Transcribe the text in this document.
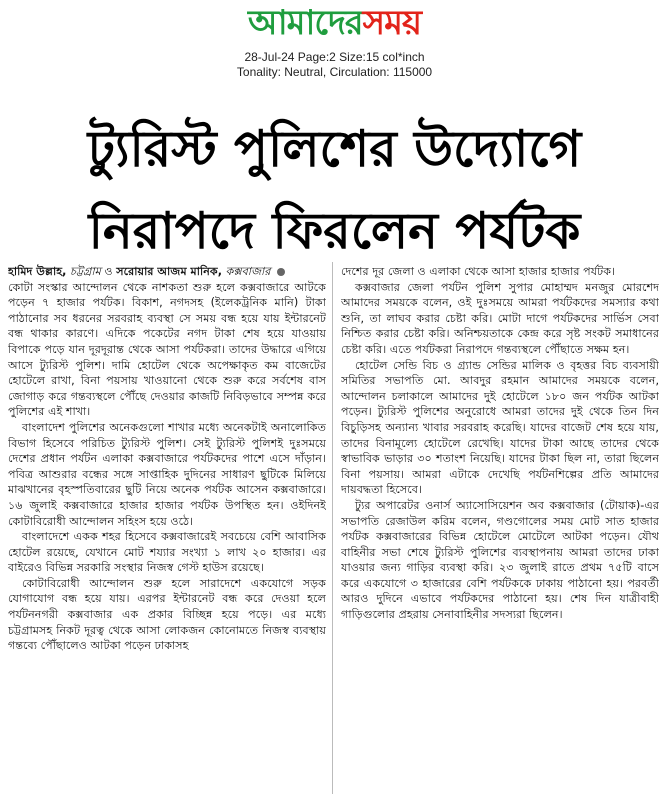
আমাদেরসময়
28-Jul-24 Page:2 Size:15 col*inch
Tonality: Neutral, Circulation: 115000
ট্যুরিস্ট পুলিশের উদ্যোগে
নিরাপদে ফিরলেন পর্যটক

হামিদ উল্লাহ, চট্টগ্রাম ও সরোয়ার আজম মানিক, কক্সবাজার

কোটা সংস্কার আন্দোলন থেকে নাশকতা শুরু হলে কক্সবাজারে আটকে পড়েন ৭ হাজার পর্যটক। বিকাশ, নগদসহ (ইলেকট্রনিক মানি) টাকা পাঠানোর সব ধরনের সরবরাহ ব্যবস্থা সে সময় বন্ধ হয়ে যায় ইন্টারনেট বন্ধ থাকার কারণে। এদিকে পকেটের নগদ টাকা শেষ হয়ে যাওয়ায় বিপাকে পড়ে যান দূরদূরান্ত থেকে আসা পর্যটকরা। তাদের উদ্ধারে এগিয়ে আসে ট্যুরিস্ট পুলিশ। দামি হোটেল থেকে অপেক্ষাকৃত কম বাজেটের হোটেলে রাখা, বিনা পয়সায় খাওয়ানো থেকে শুরু করে সর্বশেষ বাস জোগাড় করে গন্তব্যস্থলে পৌঁছে দেওয়ার কাজটি নিবিড়ভাবে সম্পন্ন করে পুলিশের এই শাখা।

বাংলাদেশ পুলিশের অনেকগুলো শাখার মধ্যে অনেকটাই অনালোকিত বিভাগ হিসেবে পরিচিত ট্যুরিস্ট পুলিশ। সেই ট্যুরিস্ট পুলিশই দুঃসময়ে দেশের প্রধান পর্যটন এলাকা কক্সবাজারে পর্যটকদের পাশে এসে দাঁড়ান। পবিত্র আশুরার বন্ধের সঙ্গে সাপ্তাহিক দুদিনের সাধারণ ছুটিকে মিলিয়ে মাঝখানের বৃহস্পতিবারের ছুটি নিয়ে অনেক পর্যটক আসেন কক্সবাজারে। ১৬ জুলাই কক্সবাজারে হাজার হাজার পর্যটক উপস্থিত হন। ওইদিনই কোটাবিরোধী আন্দোলন সহিংস হয়ে ওঠে।

বাংলাদেশে একক শহর হিসেবে কক্সবাজারেই সবচেয়ে বেশি আবাসিক হোটেল রয়েছে, যেখানে মোট শয্যার সংখ্যা ১ লাখ ২০ হাজার। এর বাইরেও বিভিন্ন সরকারি সংস্থার নিজস্ব গেস্ট হাউস রয়েছে।

কোটাবিরোধী আন্দোলন শুরু হলে সারাদেশে একযোগে সড়ক যোগাযোগ বন্ধ হয়ে যায়। এরপর ইন্টারনেট বন্ধ করে দেওয়া হলে পর্যটননগরী কক্সবাজার এক প্রকার বিচ্ছিন্ন হয়ে পড়ে। এর মধ্যে চট্টগ্রামসহ নিকট দূরত্ব থেকে আসা লোকজন কোনোমতে নিজস্ব ব্যবস্থায় গন্তব্যে পৌঁছালেও আটকা পড়েন ঢাকাসহ

দেশের দূর জেলা ও এলাকা থেকে আসা হাজার হাজার পর্যটক।

কক্সবাজার জেলা পর্যটন পুলিশ সুপার মোহাম্মদ মনজুর মোরশেদ আমাদের সময়কে বলেন, ওই দুঃসময়ে আমরা পর্যটকদের সমস্যার কথা শুনি, তা লাঘব করার চেষ্টা করি। মোটা দাগে পর্যটকদের সার্ভিস সেবা নিশ্চিত করার চেষ্টা করি। অনিশ্চয়তাকে কেন্দ্র করে সৃষ্ট সংকট সমাধানের চেষ্টা করি। এতে পর্যটকরা নিরাপদে গন্তব্যস্থলে পৌঁছাতে সক্ষম হন।

হোটেল সেন্ডি বিচ ও গ্র্যান্ড সেন্ডির মালিক ও বৃহত্তর বিচ ব্যবসায়ী সমিতির সভাপতি মো. আবদুর রহমান আমাদের সময়কে বলেন, আন্দোলন চলাকালে আমাদের দুই হোটেলে ১৮০ জন পর্যটক আটকা পড়েন। ট্যুরিস্ট পুলিশের অনুরোধে আমরা তাদের দুই থেকে তিন দিন বিচুড়িসহ অন্যান্য খাবার সরবরাহ করেছি। যাদের বাজেট শেষ হয়ে যায়, তাদের বিনামূল্যে হোটেলে রেখেছি। যাদের টাকা আছে তাদের থেকে স্বাভাবিক ভাড়ার ৩০ শতাংশ নিয়েছি। যাদের টাকা ছিল না, তারা ছিলেন বিনা পয়সায়। আমরা এটাকে দেখেছি পর্যটনশিল্পের প্রতি আমাদের দায়বদ্ধতা হিসেবে।

ট্যুর অপারেটর ওনার্স অ্যাসোসিয়েশন অব কক্সবাজার (টোয়াক)-এর সভাপতি রেজাউল করিম বলেন, গণ্ডগোলের সময় মোট সাত হাজার পর্যটক কক্সবাজারের বিভিন্ন হোটেলে মোটেলে আটকা পড়েন। যৌথ বাহিনীর সভা শেষে ট্যুরিস্ট পুলিশের ব্যবস্থাপনায় আমরা তাদের ঢাকা যাওয়ার জন্য গাড়ির ব্যবস্থা করি। ২৩ জুলাই রাতে প্রথম ৭৫টি বাসে করে একযোগে ৩ হাজারের বেশি পর্যটককে ঢাকায় পাঠানো হয়। পরবর্তী আরও দুদিনে এভাবে পর্যটকদের পাঠানো হয়। শেষ দিন যাত্রীবাহী গাড়িগুলোর প্রহরায় সেনাবাহিনীর সদস্যরা ছিলেন।
